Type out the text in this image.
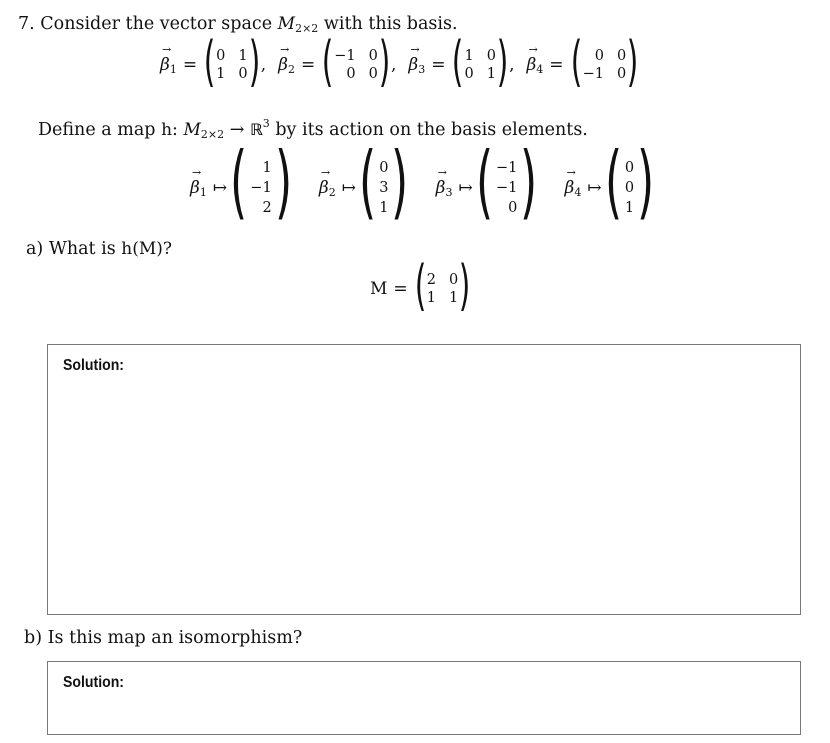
7. Consider the vector space $M_{2\times 2}$ with this basis.
→ $\beta_1$ = ( 0 1
1 0 ) , → $\beta_2$ = ( −1 0
0 0 ) , → $\beta_3$ = ( 1 0
0 1 ) , → $\beta_4$ = ( 0 0
−1 0 )
Define a map h: $M_{2\times 2}$ → ℝ$^3$ by its action on the basis elements.
→ $\beta_1$ ↦ ( 1
−1
2 ) → $\beta_2$ ↦ ( 0
3
1 ) → $\beta_3$ ↦ ( −1
−1
0 ) → $\beta_4$ ↦ ( 0
0
1 )
a) What is h(M)?
M = ( 2 0
1 1 )
Solution:
b) Is this map an isomorphism?
Solution:
